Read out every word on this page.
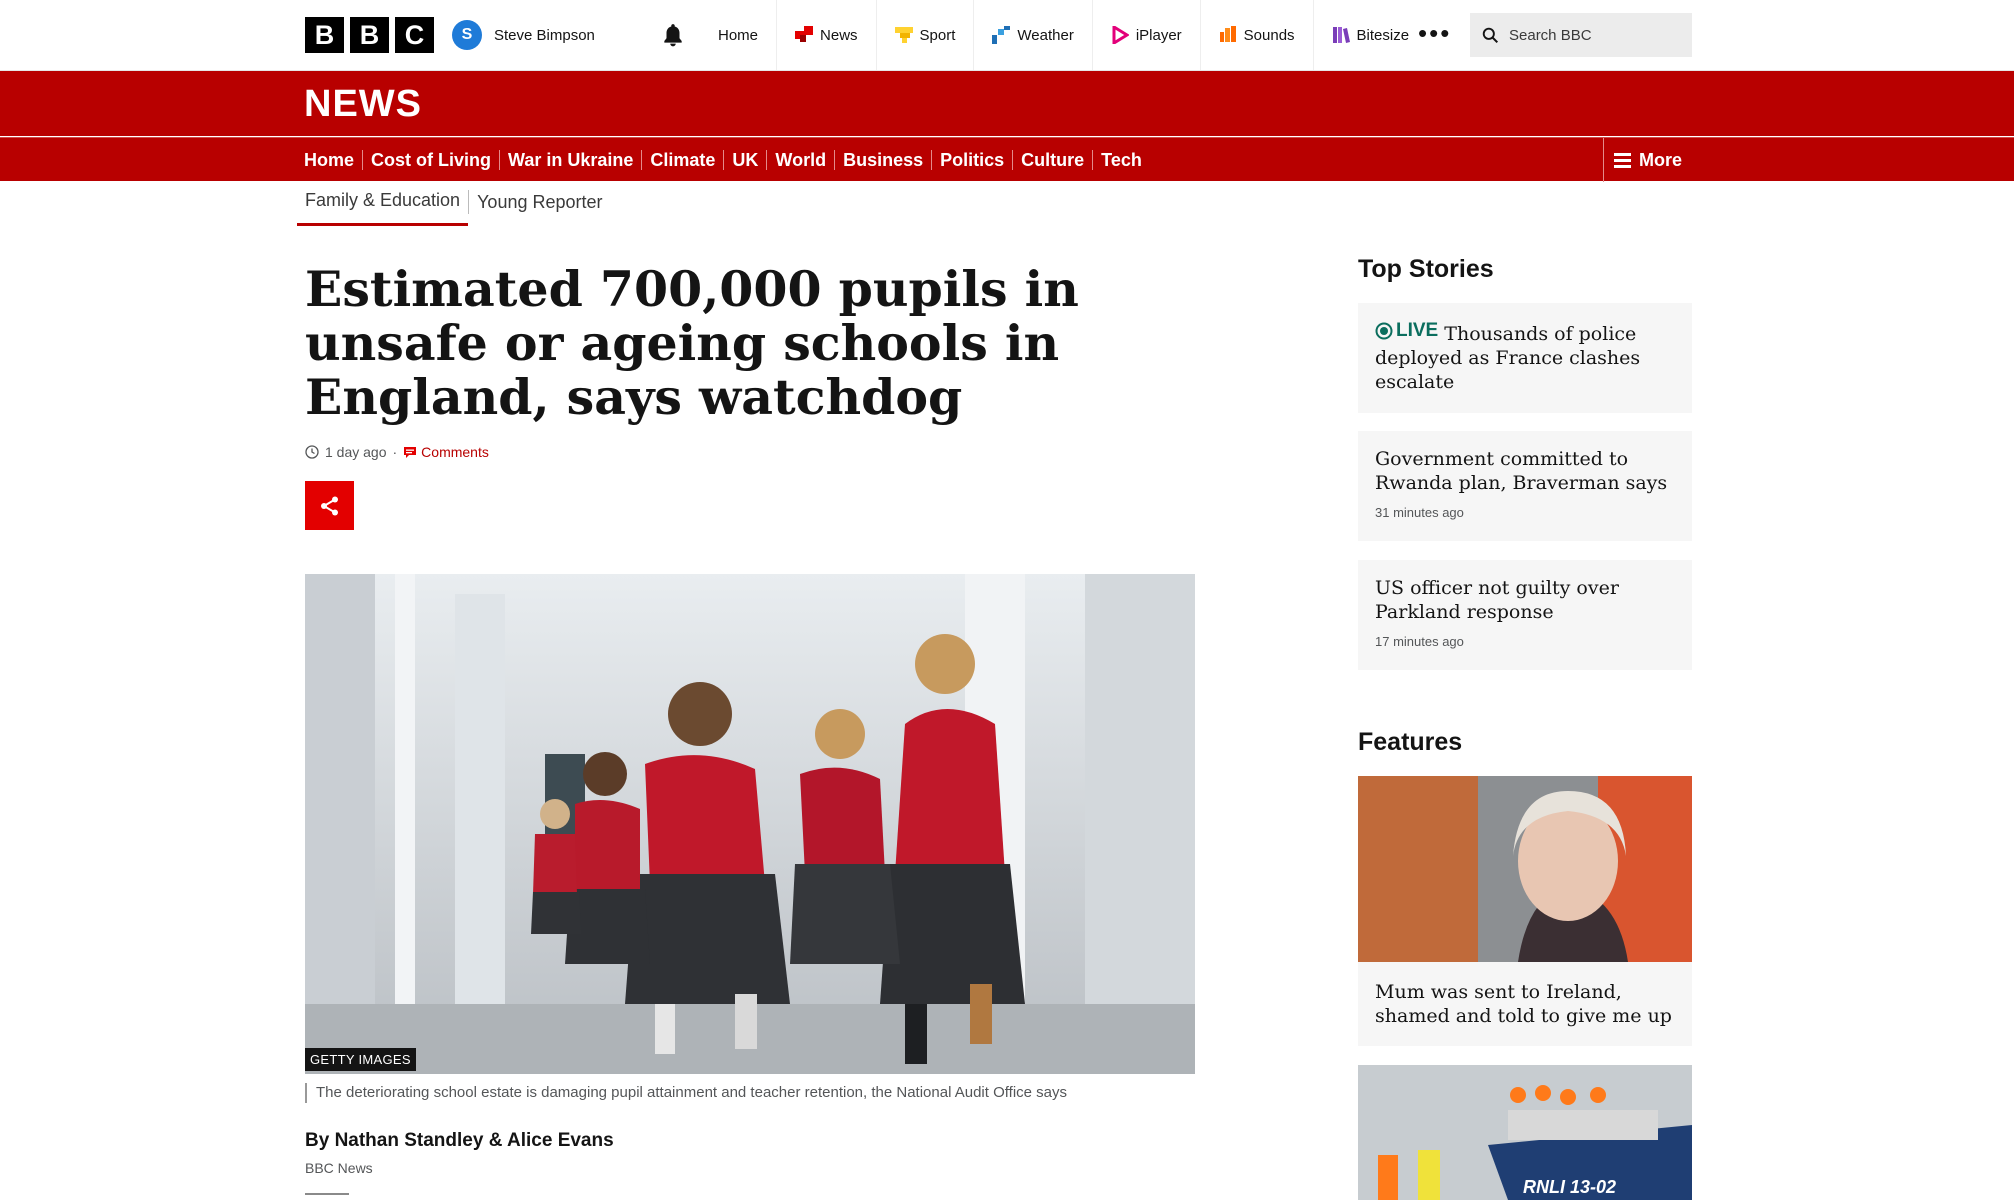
B B C	S	Steve Bimpson	Home	News	Sport	Weather	iPlayer	Sounds	Bitesize •••	Search BBC
NEWS
Home Cost of Living War in Ukraine Climate UK World Business Politics Culture Tech	More
Family & Education Young Reporter
Estimated 700,000 pupils in unsafe or ageing schools in England, says watchdog
1 day ago · Comments
GETTY IMAGES
The deteriorating school estate is damaging pupil attainment and teacher retention, the National Audit Office says
By Nathan Standley & Alice Evans
BBC News
Top Stories
LIVE Thousands of police deployed as France clashes escalate
Government committed to Rwanda plan, Braverman says
31 minutes ago
US officer not guilty over Parkland response
17 minutes ago
Features
Mum was sent to Ireland, shamed and told to give me up
RNLI 13-02
